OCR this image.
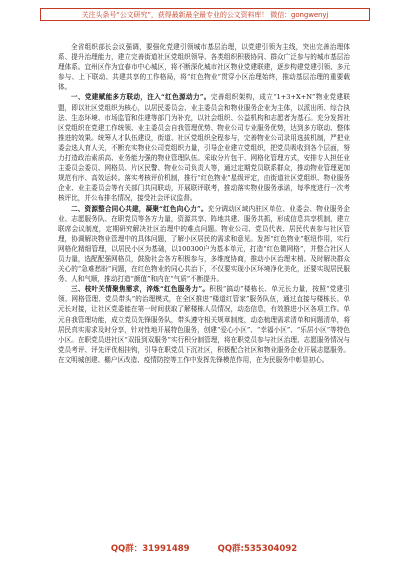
关注头条号“公文研究”，获得最新最全最专业的公文资料库！ 微信：gongwenyj

全省组织部长会议强调，要强化党建引领城市基层治理，以党建引领为主线，突出完善治理体系、提升治理能力，建立完善街道社区党组织领导、各类组织积极协同、群众广泛参与的城市基层治理体系。宜州区作为宜春市中心城区，将不断深化城市社区物业党建联建，逐步构建党建引领、多元参与、上下联动、共建共享的工作格局，将“红色物业”贯穿小区治理始终，推动基层治理的重要载体。

一、党建赋能多方联动，注入“红色源动力”。完善组织架构，成立“1+3+X+N”物业党建联盟，即以社区党组织为核心，以居民委员会、业主委员会和物业服务企业为主体，以派出所、综合执法、生态环境、市场监管和住建等部门为补充，以社会组织、公益机构和志愿者为基石。充分发挥社区党组织在党建工作统领、业主委员会自我管理优势、物业公司专业服务优势，达到多方联动、整体推进的效果。统筹人才队伍建设，街道、社区党组织全程参与，完善物业公司录用选拔机制，严把业委会选人育人关，不断充实物业公司党组织力量，引导企业建立党组织，把党员吸收到各个层面，努力打造政治素质高、业务能力强的物业管理队伍。采取分片包干、网格化管理方式，安排专人担任业主委员会委员、网格员、片区民警、物业公司负责人等，通过定期党员联系群众，推动物业管理更加规范有序、高效运转。落实考核评价机制，推行“红色物业”星级评定，由街道社区党组织、物业服务企业、业主委员会等有关部门共同联动，开展联评联考，推动落实物业服务承诺，每季度进行一次考核评比，并公布排名情况，接受社会评议监督。

二、资源整合同心共建，凝聚“红色向心力”。充分调动区域内驻区单位、业委会、物业服务企业、志愿服务队、在职党员等各方力量，资源共享、阵地共建、服务共抓，形成信息共享机制，建立联席会议制度，定期研究解决社区治理中的难点问题。物业公司、党员代表、居民代表参与社区管理，协调解决物业管理中的具体问题，了解小区居民的需求和意见。发挥“红色物业”枢纽作用，实行网格化精细管理，以居民小区为基础，以100300户为基本单元，打造“红色微网格”，并整合社区人员力量，选配配强网格员，鼓励社会各方积极参与，多维度协商，推动小区治理末梢。及时解决群众关心的“急难愁盼”问题，在红色物业的同心共治下，不仅要实现小区环境净化美化，还要实现居民服务、人和气顺，推动打造“颜值”和内在“气质”不断提升。

三、枝叶关情聚焦需求，淬炼“红色服务力”。积极“搞动”楼栋长、单元长力量，按照“党建引领、网格管理、党员带头”的治理模式，在全区推进“楼道红管家”服务队伍，通过直接与楼栋长、单元长对接，让社区党委能在第一时间获取了解楼栋人员情况，动态信息，有效推进小区各项工作。单元自我管理功能，成立党员先锋服务队，带头遵守相关规章制度，动态梳理需求清单和问题清单，将居民真实需求及时分享，针对性地开展特色服务，创建“爱心小区”、“幸福小区”、“乐居小区”等特色小区。在职党员进社区“双报到双服务”实行积分制管理，将在职党员参与社区治理、志愿服务情况与党员考评、评先评优相挂钩，引导在职党员下沉社区，积极配合社区和物业服务企业开展志愿服务。在文明城创建、棚户区改造、疫情防控等工作中发挥先锋模范作用，在为民服务中彰显初心。

QQ群：31991489	QQ群:535304092
